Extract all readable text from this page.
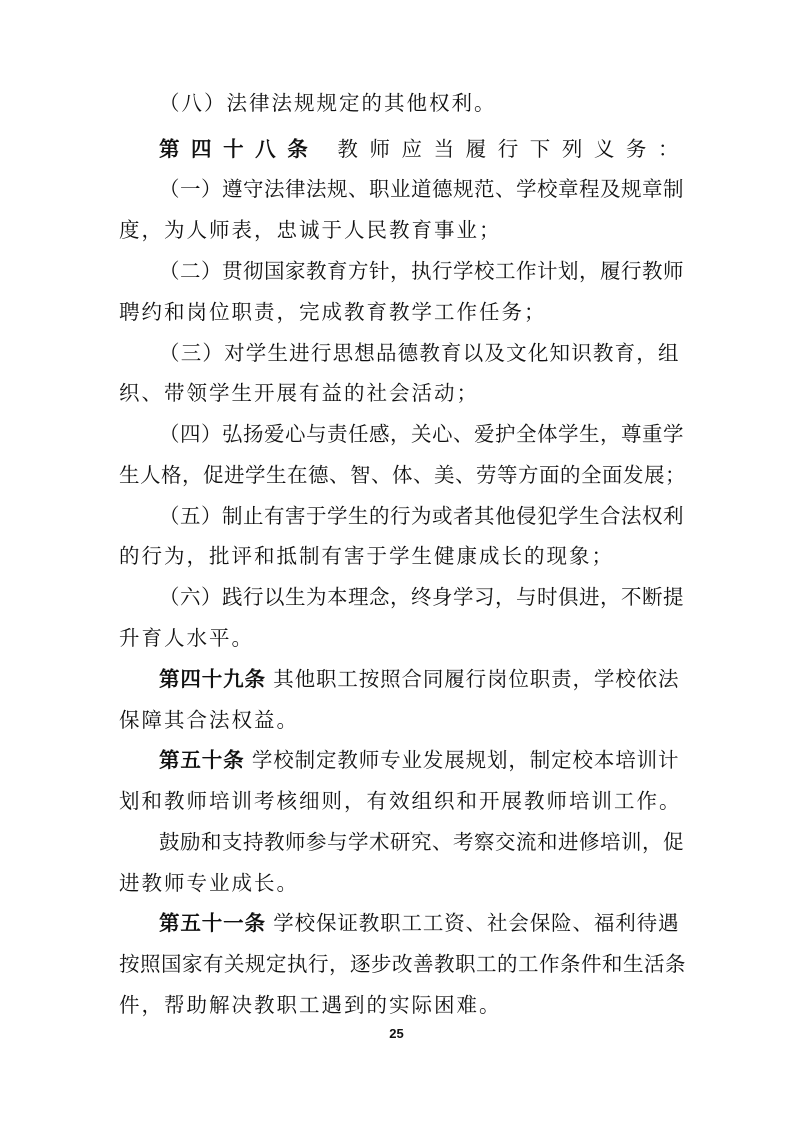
（八）法律法规规定的其他权利。
第四十八条 教师应当履行下列义务：
（一）遵守法律法规、职业道德规范、学校章程及规章制
度，为人师表，忠诚于人民教育事业；
（二）贯彻国家教育方针，执行学校工作计划，履行教师
聘约和岗位职责，完成教育教学工作任务；
（三）对学生进行思想品德教育以及文化知识教育，组
织、带领学生开展有益的社会活动；
（四）弘扬爱心与责任感，关心、爱护全体学生，尊重学
生人格，促进学生在德、智、体、美、劳等方面的全面发展；
（五）制止有害于学生的行为或者其他侵犯学生合法权利
的行为，批评和抵制有害于学生健康成长的现象；
（六）践行以生为本理念，终身学习，与时俱进，不断提
升育人水平。
第四十九条 其他职工按照合同履行岗位职责，学校依法
保障其合法权益。
第五十条 学校制定教师专业发展规划，制定校本培训计
划和教师培训考核细则，有效组织和开展教师培训工作。
鼓励和支持教师参与学术研究、考察交流和进修培训，促
进教师专业成长。
第五十一条 学校保证教职工工资、社会保险、福利待遇
按照国家有关规定执行，逐步改善教职工的工作条件和生活条
25
件，帮助解决教职工遇到的实际困难。
